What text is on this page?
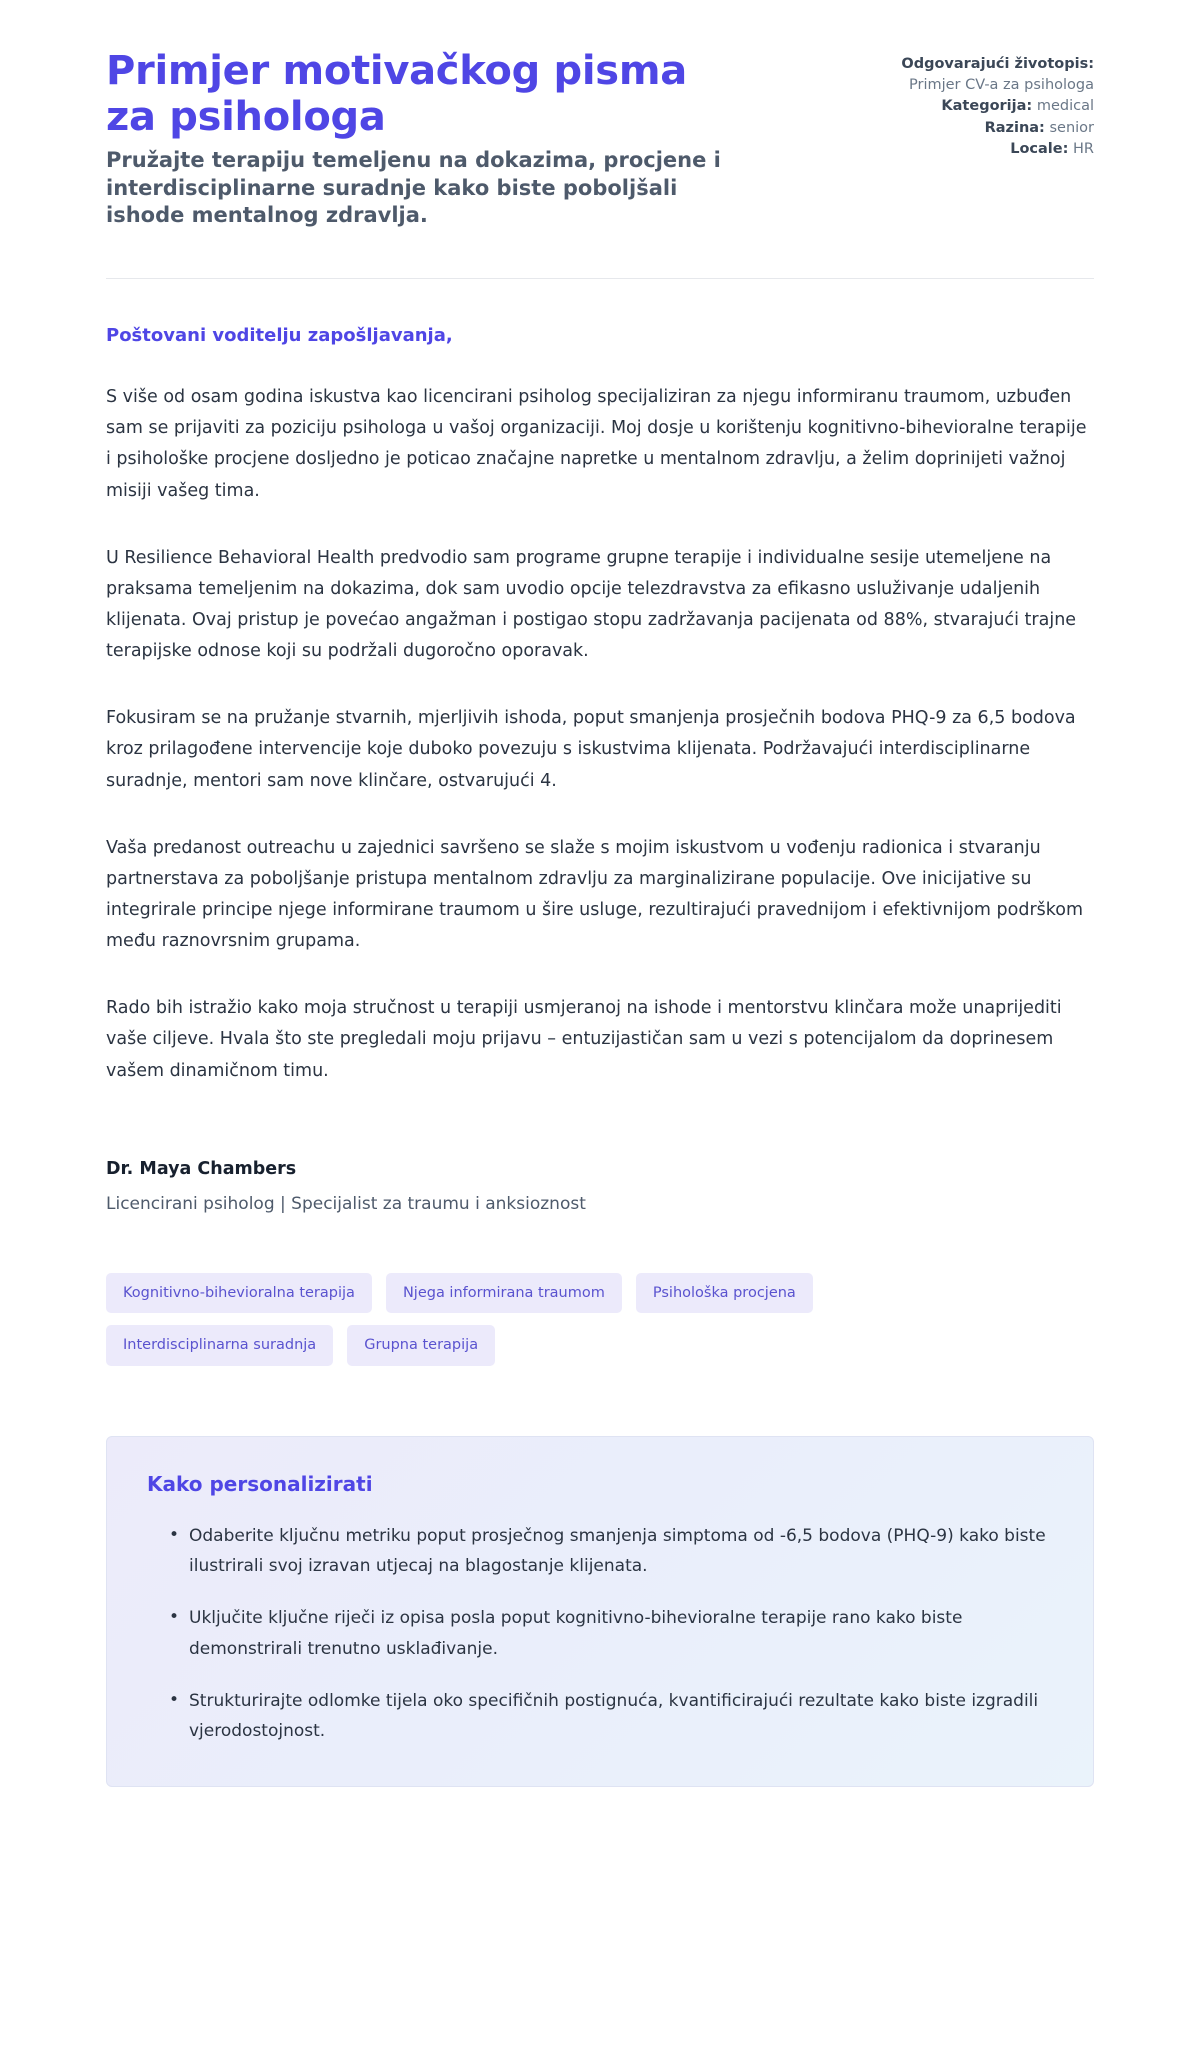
Primjer motivačkog pisma za psihologa

Pružajte terapiju temeljenu na dokazima, procjene i interdisciplinarne suradnje kako biste poboljšali ishode mentalnog zdravlja.

Odgovarajući životopis: Primjer CV-a za psihologa
Kategorija: medical
Razina: senior
Locale: HR

Poštovani voditelju zapošljavanja,

S više od osam godina iskustva kao licencirani psiholog specijaliziran za njegu informiranu traumom, uzbuđen sam se prijaviti za poziciju psihologa u vašoj organizaciji. Moj dosje u korištenju kognitivno-bihevioralne terapije i psihološke procjene dosljedno je poticao značajne napretke u mentalnom zdravlju, a želim doprinijeti važnoj misiji vašeg tima.

U Resilience Behavioral Health predvodio sam programe grupne terapije i individualne sesije utemeljene na praksama temeljenim na dokazima, dok sam uvodio opcije telezdravstva za efikasno usluživanje udaljenih klijenata. Ovaj pristup je povećao angažman i postigao stopu zadržavanja pacijenata od 88%, stvarajući trajne terapijske odnose koji su podržali dugoročno oporavak.

Fokusiram se na pružanje stvarnih, mjerljivih ishoda, poput smanjenja prosječnih bodova PHQ-9 za 6,5 bodova kroz prilagođene intervencije koje duboko povezuju s iskustvima klijenata. Podržavajući interdisciplinarne suradnje, mentori sam nove klinčare, ostvarujući 4.

Vaša predanost outreachu u zajednici savršeno se slaže s mojim iskustvom u vođenju radionica i stvaranju partnerstava za poboljšanje pristupa mentalnom zdravlju za marginalizirane populacije. Ove inicijative su integrirale principe njege informirane traumom u šire usluge, rezultirajući pravednijom i efektivnijom podrškom među raznovrsnim grupama.

Rado bih istražio kako moja stručnost u terapiji usmjeranoj na ishode i mentorstvu klinčara može unaprijediti vaše ciljeve. Hvala što ste pregledali moju prijavu – entuzijastičan sam u vezi s potencijalom da doprinesem vašem dinamičnom timu.

Dr. Maya Chambers

Licencirani psiholog | Specijalist za traumu i anksioznost

Kognitivno-bihevioralna terapija	Njega informirana traumom	Psihološka procjena
Interdisciplinarna suradnja	Grupna terapija
Kako personalizirati
• Odaberite ključnu metriku poput prosječnog smanjenja simptoma od -6,5 bodova (PHQ-9) kako biste ilustrirali svoj izravan utjecaj na blagostanje klijenata.
• Uključite ključne riječi iz opisa posla poput kognitivno-bihevioralne terapije rano kako biste demonstrirali trenutno usklađivanje.
• Strukturirajte odlomke tijela oko specifičnih postignuća, kvantificirajući rezultate kako biste izgradili vjerodostojnost.
